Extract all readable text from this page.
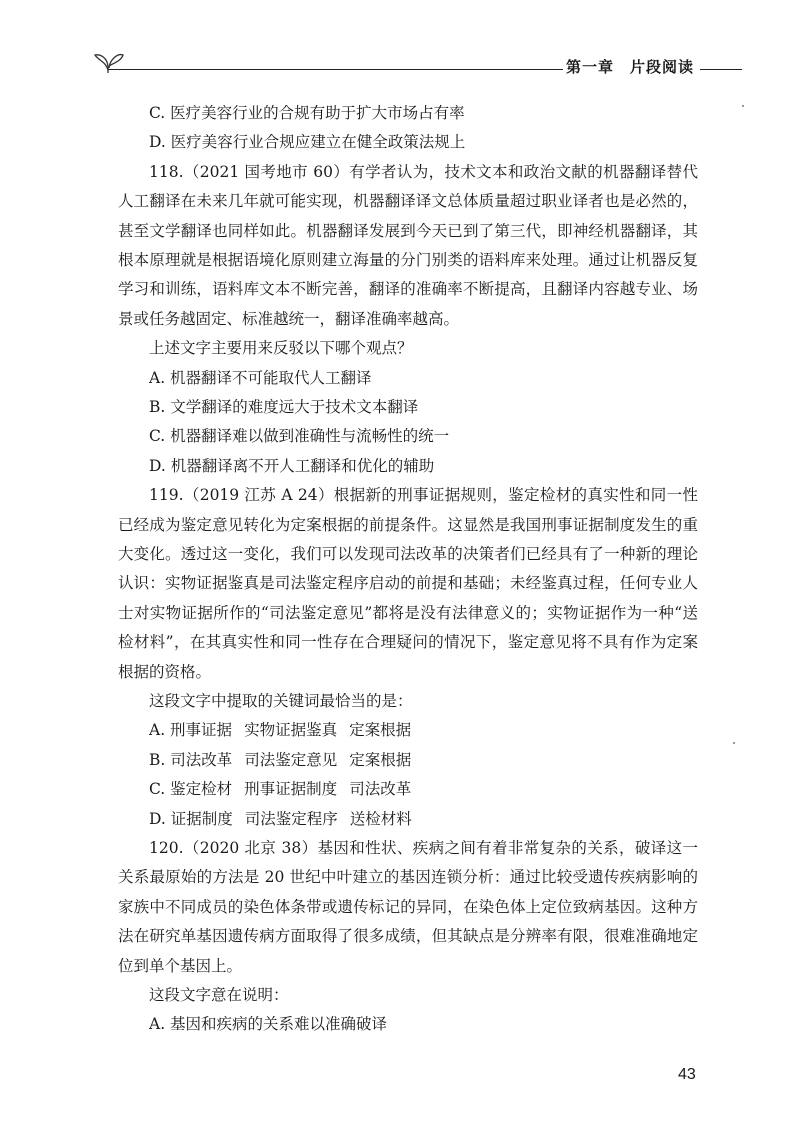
第一章 片段阅读
C. 医疗美容行业的合规有助于扩大市场占有率
D. 医疗美容行业合规应建立在健全政策法规上

118.（2021 国考地市 60）有学者认为，技术文本和政治文献的机器翻译替代人工翻译在未来几年就可能实现，机器翻译译文总体质量超过职业译者也是必然的，甚至文学翻译也同样如此。机器翻译发展到今天已到了第三代，即神经机器翻译，其根本原理就是根据语境化原则建立海量的分门别类的语料库来处理。通过让机器反复学习和训练，语料库文本不断完善，翻译的准确率不断提高，且翻译内容越专业、场景或任务越固定、标准越统一，翻译准确率越高。

上述文字主要用来反驳以下哪个观点？
A. 机器翻译不可能取代人工翻译
B. 文学翻译的难度远大于技术文本翻译
C. 机器翻译难以做到准确性与流畅性的统一
D. 机器翻译离不开人工翻译和优化的辅助

119.（2019 江苏 A 24）根据新的刑事证据规则，鉴定检材的真实性和同一性已经成为鉴定意见转化为定案根据的前提条件。这显然是我国刑事证据制度发生的重大变化。透过这一变化，我们可以发现司法改革的决策者们已经具有了一种新的理论认识：实物证据鉴真是司法鉴定程序启动的前提和基础；未经鉴真过程，任何专业人士对实物证据所作的“司法鉴定意见”都将是没有法律意义的；实物证据作为一种“送检材料”，在其真实性和同一性存在合理疑问的情况下，鉴定意见将不具有作为定案根据的资格。

这段文字中提取的关键词最恰当的是：
A. 刑事证据 实物证据鉴真 定案根据
B. 司法改革 司法鉴定意见 定案根据
C. 鉴定检材 刑事证据制度 司法改革
D. 证据制度 司法鉴定程序 送检材料

120.（2020 北京 38）基因和性状、疾病之间有着非常复杂的关系，破译这一关系最原始的方法是 20 世纪中叶建立的基因连锁分析：通过比较受遗传疾病影响的家族中不同成员的染色体条带或遗传标记的异同，在染色体上定位致病基因。这种方法在研究单基因遗传病方面取得了很多成绩，但其缺点是分辨率有限，很难准确地定位到单个基因上。

这段文字意在说明：
A. 基因和疾病的关系难以准确破译
43
